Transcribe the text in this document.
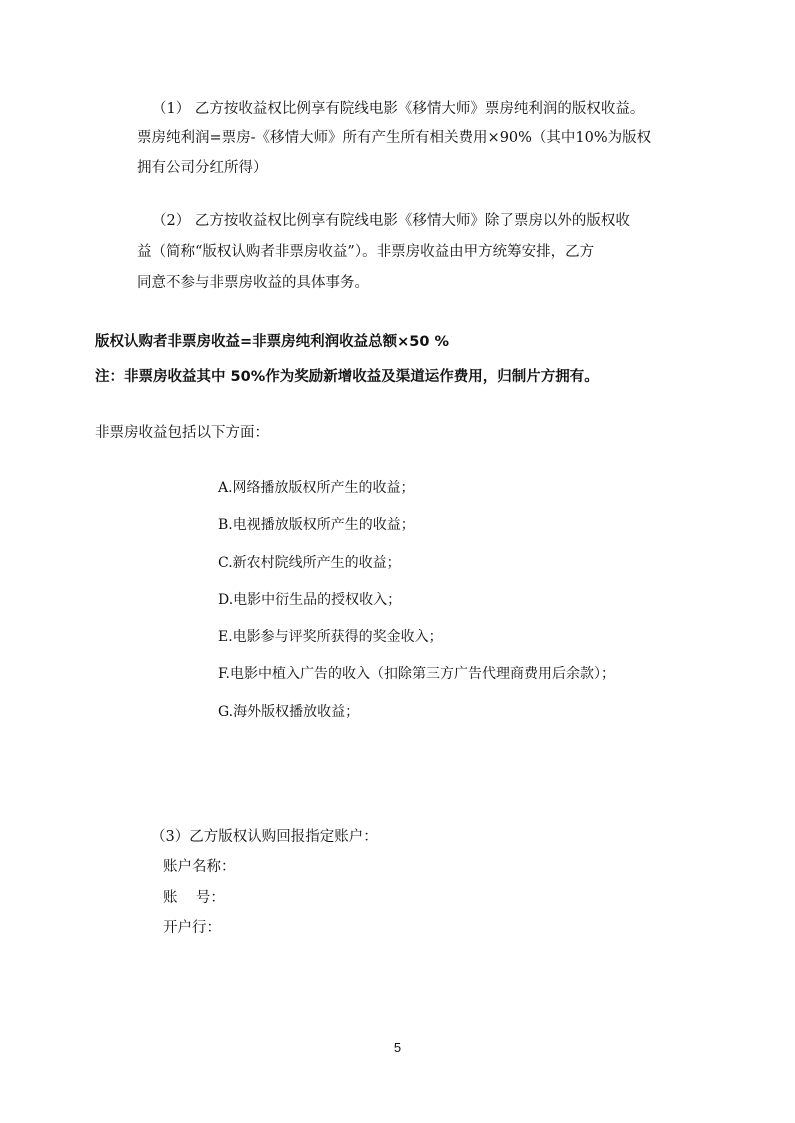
（1） 乙方按收益权比例享有院线电影《移情大师》票房纯利润的版权收益。
票房纯利润=票房-《移情大师》所有产生所有相关费用×90%（其中10%为版权
拥有公司分红所得）
（2） 乙方按收益权比例享有院线电影《移情大师》除了票房以外的版权收
益（简称“版权认购者非票房收益”）。非票房收益由甲方统筹安排，乙方
同意不参与非票房收益的具体事务。
版权认购者非票房收益=非票房纯利润收益总额×50 %
注：非票房收益其中 50%作为奖励新增收益及渠道运作费用，归制片方拥有。
非票房收益包括以下方面：
A.网络播放版权所产生的收益；
B.电视播放版权所产生的收益；
C.新农村院线所产生的收益；
D.电影中衍生品的授权收入；
E.电影参与评奖所获得的奖金收入；
F.电影中植入广告的收入（扣除第三方广告代理商费用后余款）；
G.海外版权播放收益；
（3）乙方版权认购回报指定账户：
账户名称：
账    号：
开户行：
5
